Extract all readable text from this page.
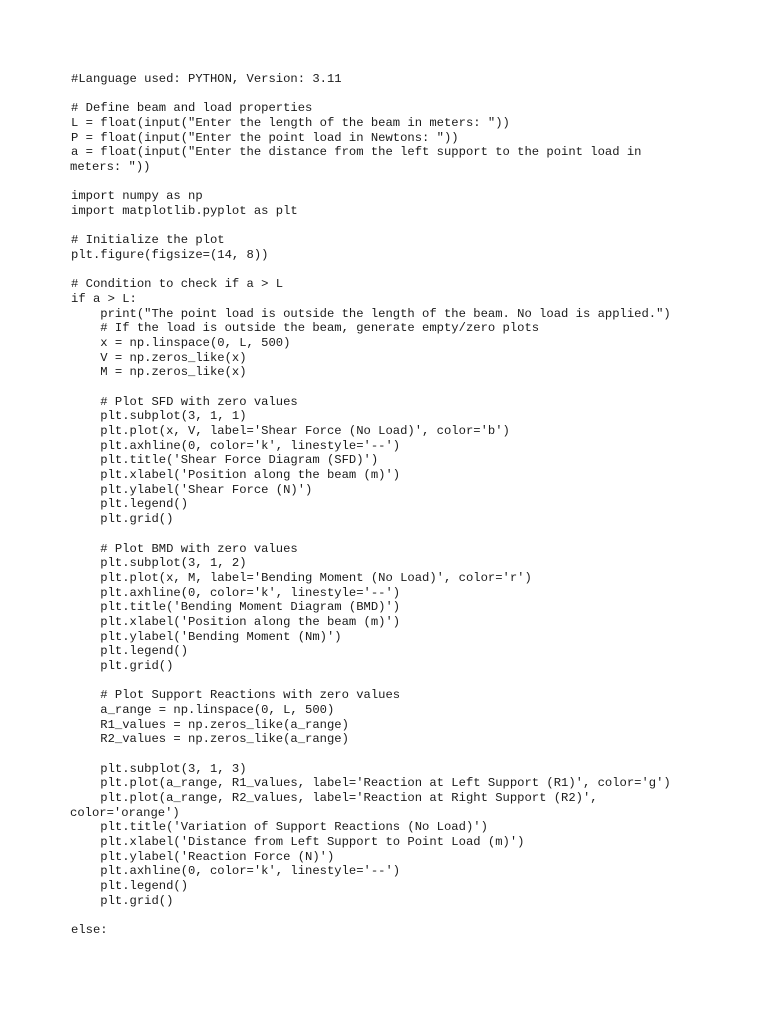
#Language used: PYTHON, Version: 3.11
# Define beam and load properties
L = float(input("Enter the length of the beam in meters: "))
P = float(input("Enter the point load in Newtons: "))
a = float(input("Enter the distance from the left support to the point load in
meters: "))
import numpy as np
import matplotlib.pyplot as plt
# Initialize the plot
plt.figure(figsize=(14, 8))
# Condition to check if a > L
if a > L:
print("The point load is outside the length of the beam. No load is applied.")
# If the load is outside the beam, generate empty/zero plots
x = np.linspace(0, L, 500)
V = np.zeros_like(x)
M = np.zeros_like(x)
# Plot SFD with zero values
plt.subplot(3, 1, 1)
plt.plot(x, V, label='Shear Force (No Load)', color='b')
plt.axhline(0, color='k', linestyle='--')
plt.title('Shear Force Diagram (SFD)')
plt.xlabel('Position along the beam (m)')
plt.ylabel('Shear Force (N)')
plt.legend()
plt.grid()
# Plot BMD with zero values
plt.subplot(3, 1, 2)
plt.plot(x, M, label='Bending Moment (No Load)', color='r')
plt.axhline(0, color='k', linestyle='--')
plt.title('Bending Moment Diagram (BMD)')
plt.xlabel('Position along the beam (m)')
plt.ylabel('Bending Moment (Nm)')
plt.legend()
plt.grid()
# Plot Support Reactions with zero values
a_range = np.linspace(0, L, 500)
R1_values = np.zeros_like(a_range)
R2_values = np.zeros_like(a_range)
plt.subplot(3, 1, 3)
plt.plot(a_range, R1_values, label='Reaction at Left Support (R1)', color='g')
plt.plot(a_range, R2_values, label='Reaction at Right Support (R2)',
color='orange')
plt.title('Variation of Support Reactions (No Load)')
plt.xlabel('Distance from Left Support to Point Load (m)')
plt.ylabel('Reaction Force (N)')
plt.axhline(0, color='k', linestyle='--')
plt.legend()
plt.grid()
else:
